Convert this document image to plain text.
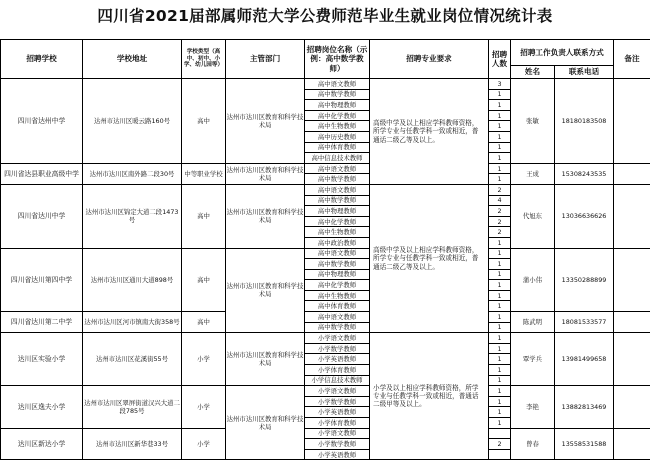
四川省2021届部属师范大学公费师范毕业生就业岗位情况统计表
招聘学校	学校地址	学校类型（高中、初中、小学、幼儿园等）	主管部门	招聘岗位名称（示例：高中数学教师）	招聘专业要求	招聘人数	招聘工作负责人联系方式		备注
							姓名	联系电话	
四川省达州中学	达州市达川区暖云路160号	高中	达州市达川区教育和科学技术局	高中语文教师	高级中学及以上相应学科教师资格，所学专业与任教学科一致或相近，普通话二级乙等及以上。	3	张敏	18180183508	
				高中数学教师		1			
				高中物理教师		1			
				高中化学教师		1			
				高中生物教师		1			
				高中历史教师		1			
				高中体育教师		1			
				高中信息技术教师		1			
四川省达县职业高级中学	达州市达川区南外路二段30号	中等职业学校	达州市达川区教育和科学技术局	高中语文教师		1	王成	15308243535	
				高中数学教师		1			
四川省达川中学	达州市达川区锦定大道二段1473号	高中	达州市达川区教育和科学技术局	高中语文教师	高级中学及以上相应学科教师资格，所学专业与任教学科一致或相近，普通话二级乙等及以上。	2	代旭东	13036636626	
				高中数学教师		4			
				高中物理教师		2			
				高中化学教师		2			
				高中生物教师		2			
				高中政治教师		1			
四川省达川第四中学	达州市达川区通川大道898号	高中	达州市达川区教育和科学技术局	高中语文教师		1	蒲小伟	13350288899	
				高中数学教师		1			
				高中物理教师		1			
				高中化学教师		1			
				高中生物教师		1			
				高中体育教师		1			
四川省达川第二中学	达州市达川区河市镇南大街358号	高中		高中语文教师		1	陈武明	18081533577	
				高中数学教师		1			
达川区实验小学	达州市达川区花溪街55号	小学	达州市达川区教育和科学技术局	小学语文教师	小学及以上相应学科教师资格，所学专业与任教学科一致或相近，普通话二级甲等及以上。	1	覃学兵	13981499658	
				小学数学教师		1			
				小学英语教师		1			
				小学体育教师		1			
				小学信息技术教师		1			
达川区逸夫小学	达州市达川区翠屏街道汉兴大道二段785号	小学	达州市达川区教育和科学技术局	小学语文教师		1	李艳	13882813469	
				小学数学教师		1			
				小学英语教师		1			
				小学体育教师		1			
达川区新达小学	达州市达川区新华巷33号	小学		小学语文教师			曾春	13558531588	
				小学数学教师		2			
				小学英语教师					
